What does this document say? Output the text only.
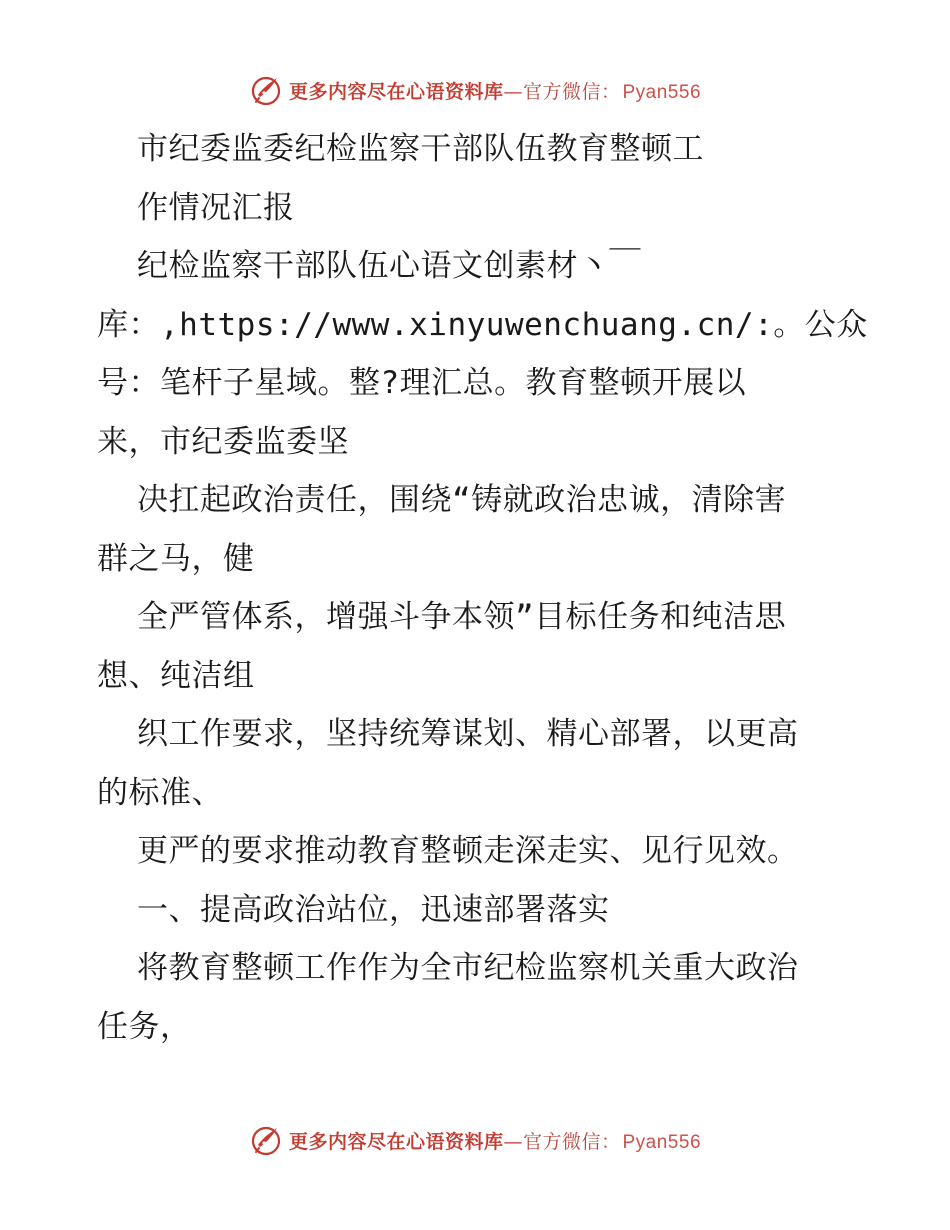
更多内容尽在心语资料库—官方微信： Pyan556
市纪委监委纪检监察干部队伍教育整顿工
作情况汇报
纪检监察干部队伍心语文创素材丶￣
库：,https://www.xinyuwenchuang.cn/:。公众
号：笔杆子星域。整?理汇总。教育整顿开展以
来，市纪委监委坚
决扛起政治责任，围绕“铸就政治忠诚，清除害
群之马，健
全严管体系，增强斗争本领”目标任务和纯洁思
想、纯洁组
织工作要求，坚持统筹谋划、精心部署，以更高
的标准、
更严的要求推动教育整顿走深走实、见行见效。
一、提高政治站位，迅速部署落实
将教育整顿工作作为全市纪检监察机关重大政治
任务，
更多内容尽在心语资料库—官方微信： Pyan556
